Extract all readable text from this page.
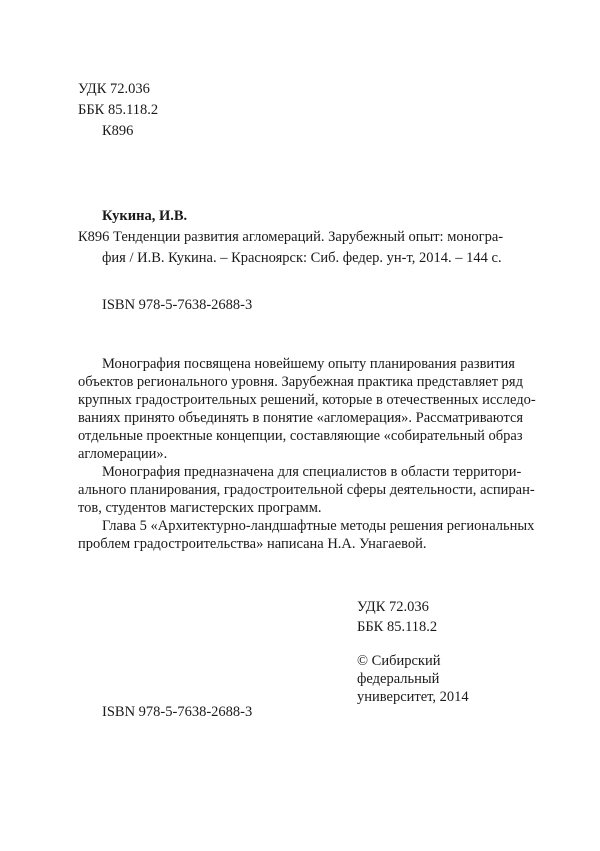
УДК 72.036
ББК 85.118.2
К896
Кукина, И.В.
К896 Тенденции развития агломераций. Зарубежный опыт: моногра-
фия / И.В. Кукина. – Красноярск: Сиб. федер. ун-т, 2014. – 144 с.
ISBN 978-5-7638-2688-3
Монография посвящена новейшему опыту планирования развития
объектов регионального уровня. Зарубежная практика представляет ряд
крупных градостроительных решений, которые в отечественных исследо-
ваниях принято объединять в понятие «агломерация». Рассматриваются
отдельные проектные концепции, составляющие «собирательный образ
агломерации».
Монография предназначена для специалистов в области территори-
ального планирования, градостроительной сферы деятельности, аспиран-
тов, студентов магистерских программ.
Глава 5 «Архитектурно-ландшафтные методы решения региональных
проблем градостроительства» написана Н.А. Унагаевой.
УДК 72.036
ББК 85.118.2
© Сибирский
федеральный
университет, 2014
ISBN 978-5-7638-2688-3
